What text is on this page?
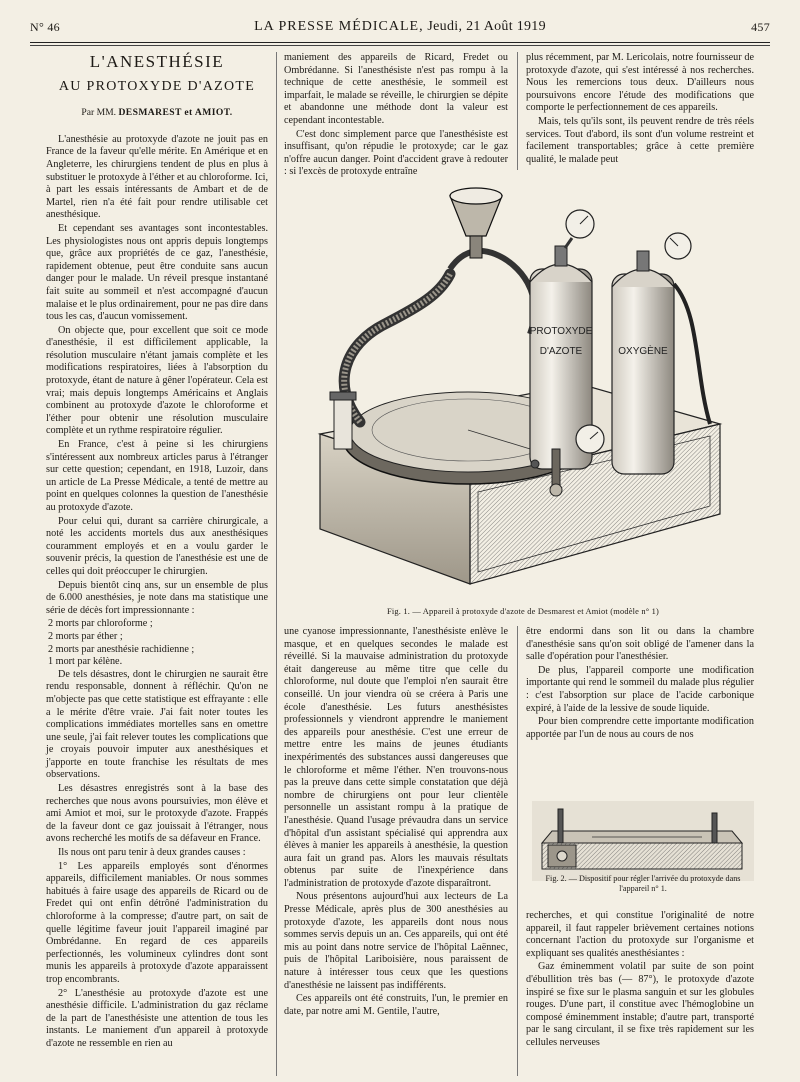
N° 46	LA PRESSE MÉDICALE, Jeudi, 21 Août 1919	457
L'ANESTHÉSIE
AU PROTOXYDE D'AZOTE
Par MM. DESMAREST et AMIOT.

L'anesthésie au protoxyde d'azote ne jouit pas en France de la faveur qu'elle mérite. En Amérique et en Angleterre, les chirurgiens tendent de plus en plus à substituer le protoxyde à l'éther et au chloroforme. Ici, à part les essais intéressants de Ambart et de de Martel, rien n'a été fait pour rendre utilisable cet anesthésique.

Et cependant ses avantages sont incontestables. Les physiologistes nous ont appris depuis longtemps que, grâce aux propriétés de ce gaz, l'anesthésie, rapidement obtenue, peut être conduite sans aucun danger pour le malade. Un réveil presque instantané fait suite au sommeil et n'est accompagné d'aucun malaise et le plus ordinairement, pour ne pas dire dans tous les cas, d'aucun vomissement.

On objecte que, pour excellent que soit ce mode d'anesthésie, il est difficilement applicable, la résolution musculaire n'étant jamais complète et les modifications respiratoires, liées à l'absorption du protoxyde, étant de nature à gêner l'opérateur. Cela est vrai; mais depuis longtemps Américains et Anglais combinent au protoxyde d'azote le chloroforme et l'éther pour obtenir une résolution musculaire complète et un rythme respiratoire régulier.

En France, c'est à peine si les chirurgiens s'intéressent aux nombreux articles parus à l'étranger sur cette question; cependant, en 1918, Luzoir, dans un article de La Presse Médicale, a tenté de mettre au point en quelques colonnes la question de l'anesthésie au protoxyde d'azote.

Pour celui qui, durant sa carrière chirurgicale, a noté les accidents mortels dus aux anesthésiques couramment employés et en a voulu garder le souvenir précis, la question de l'anesthésie est une de celles qui doit préoccuper le chirurgien.

Depuis bientôt cinq ans, sur un ensemble de plus de 6.000 anesthésies, je note dans ma statistique une série de décès fort impressionnante :

2 morts par chloroforme ;
2 morts par éther ;
2 morts par anesthésie rachidienne ;
1 mort par kélène.

De tels désastres, dont le chirurgien ne saurait être rendu responsable, donnent à réfléchir. Qu'on ne m'objecte pas que cette statistique est effrayante : elle a le mérite d'être vraie. J'ai fait noter toutes les complications immédiates mortelles sans en omettre une seule, j'ai fait relever toutes les complications que je croyais pouvoir imputer aux anesthésiques et j'apporte en toute franchise les résultats de mes observations.

Les désastres enregistrés sont à la base des recherches que nous avons poursuivies, mon élève et ami Amiot et moi, sur le protoxyde d'azote. Frappés de la faveur dont ce gaz jouissait à l'étranger, nous avons recherché les motifs de sa défaveur en France.

Ils nous ont paru tenir à deux grandes causes :

1° Les appareils employés sont d'énormes appareils, difficilement maniables. Or nous sommes habitués à faire usage des appareils de Ricard ou de Fredet qui ont enfin détrôné l'administration du chloroforme à la compresse; d'autre part, on sait de quelle légitime faveur jouit l'appareil imaginé par Ombrédanne. En regard de ces appareils perfectionnés, les volumineux cylindres dont sont munis les appareils à protoxyde d'azote apparaissent trop encombrants.

2° L'anesthésie au protoxyde d'azote est une anesthésie difficile. L'administration du gaz réclame de la part de l'anesthésiste une attention de tous les instants. Le maniement d'un appareil à protoxyde d'azote ne ressemble en rien au

maniement des appareils de Ricard, Fredet ou Ombrédanne. Si l'anesthésiste n'est pas rompu à la technique de cette anesthésie, le sommeil est imparfait, le malade se réveille, le chirurgien se dépite et abandonne une méthode dont la valeur est cependant incontestable.

C'est donc simplement parce que l'anesthésiste est insuffisant, qu'on répudie le protoxyde; car le gaz n'offre aucun danger. Point d'accident grave à redouter : si l'excès de protoxyde entraîne

plus récemment, par M. Lericolais, notre fournisseur de protoxyde d'azote, qui s'est intéressé à nos recherches. Nous les remercions tous deux. D'ailleurs nous poursuivons encore l'étude des modifications que comporte le perfectionnement de ces appareils.

Mais, tels qu'ils sont, ils peuvent rendre de très réels services. Tout d'abord, ils sont d'un volume restreint et facilement transportables; grâce à cette première qualité, le malade peut

PROTOXYDE
D'AZOTE	OXYGÈNE
Fig. 1. — Appareil à protoxyde d'azote de Desmarest et Amiot (modèle n° 1)

une cyanose impressionnante, l'anesthésiste enlève le masque, et en quelques secondes le malade est réveillé. Si la mauvaise administration du protoxyde était dangereuse au même titre que celle du chloroforme, nul doute que l'emploi n'en saurait être conseillé. Un jour viendra où se créera à Paris une école d'anesthésie. Les futurs anesthésistes professionnels y viendront apprendre le maniement des appareils pour anesthésie. C'est une erreur de mettre entre les mains de jeunes étudiants inexpérimentés des substances aussi dangereuses que le chloroforme et même l'éther. N'en trouvons-nous pas la preuve dans cette simple constatation que déjà nombre de chirurgiens ont pour leur clientèle personnelle un assistant rompu à la pratique de l'anesthésie. Quand l'usage prévaudra dans un service d'hôpital d'un assistant spécialisé qui apprendra aux élèves à manier les appareils à anesthésie, la question aura fait un grand pas. Alors les mauvais résultats obtenus par suite de l'inexpérience dans l'administration de protoxyde d'azote disparaîtront.

Nous présentons aujourd'hui aux lecteurs de La Presse Médicale, après plus de 300 anesthésies au protoxyde d'azote, les appareils dont nous nous sommes servis depuis un an. Ces appareils, qui ont été mis au point dans notre service de l'hôpital Laënnec, puis de l'hôpital Lariboisière, nous paraissent de nature à intéresser tous ceux que les questions d'anesthésie ne laissent pas indifférents.

Ces appareils ont été construits, l'un, le premier en date, par notre ami M. Gentile, l'autre,

être endormi dans son lit ou dans la chambre d'anesthésie sans qu'on soit obligé de l'amener dans la salle d'opération pour l'anesthésier.

De plus, l'appareil comporte une modification importante qui rend le sommeil du malade plus régulier : c'est l'absorption sur place de l'acide carbonique expiré, à l'aide de la lessive de soude liquide.

Pour bien comprendre cette importante modification apportée par l'un de nous au cours de nos

Fig. 2. — Dispositif pour régler l'arrivée du protoxyde dans l'appareil n° 1.

recherches, et qui constitue l'originalité de notre appareil, il faut rappeler brièvement certaines notions concernant l'action du protoxyde sur l'organisme et expliquant ses qualités anesthésiantes :

Gaz éminemment volatil par suite de son point d'ébullition très bas (— 87°), le protoxyde d'azote inspiré se fixe sur le plasma sanguin et sur les globules rouges. D'une part, il constitue avec l'hémoglobine un composé éminemment instable; d'autre part, transporté par le sang circulant, il se fixe très rapidement sur les cellules nerveuses
